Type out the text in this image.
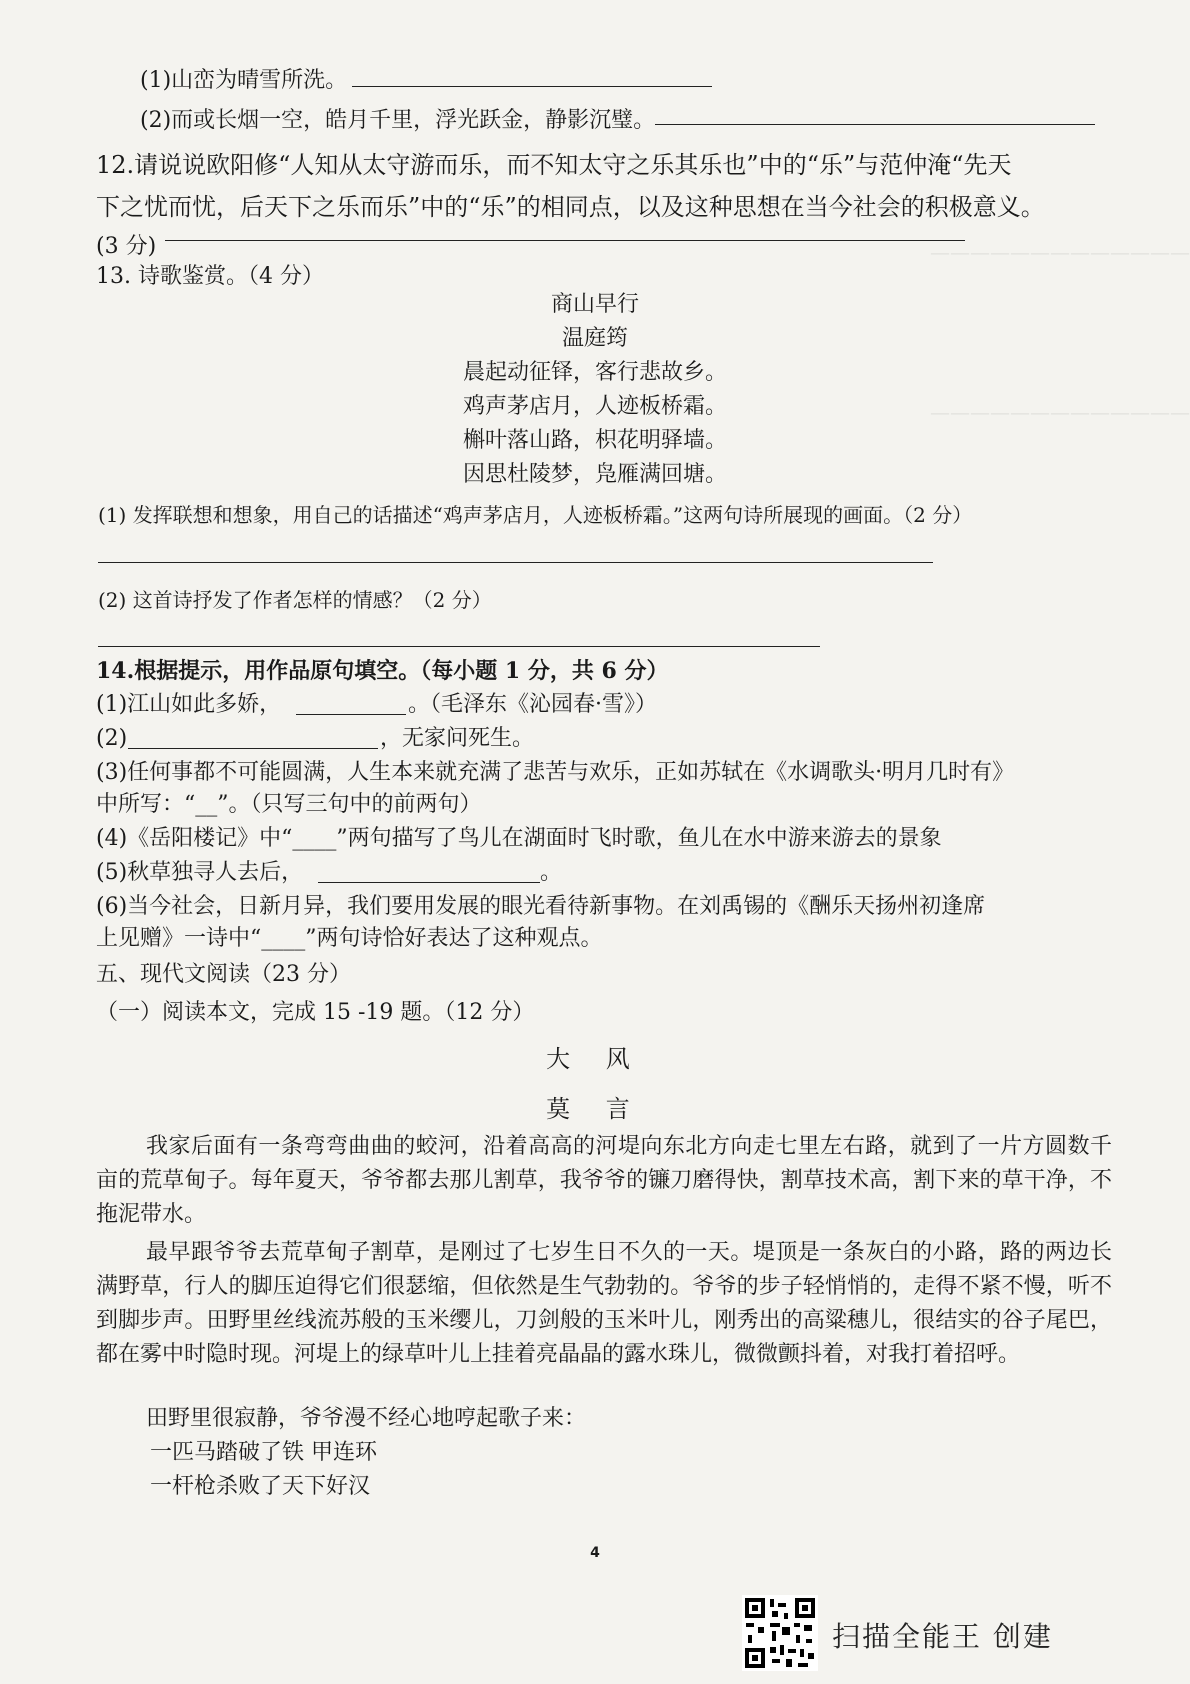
—————————————
—————————————
(1)山峦为晴雪所洗。
(2)而或长烟一空，皓月千里，浮光跃金，静影沉璧。
12.请说说欧阳修“人知从太守游而乐，而不知太守之乐其乐也”中的“乐”与范仲淹“先天
下之忧而忧，后天下之乐而乐”中的“乐”的相同点，以及这种思想在当今社会的积极意义。
(3 分)
13. 诗歌鉴赏。（4 分）
商山早行
温庭筠
晨起动征铎，客行悲故乡。
鸡声茅店月，人迹板桥霜。
槲叶落山路，枳花明驿墙。
因思杜陵梦，凫雁满回塘。
(1) 发挥联想和想象，用自己的话描述“鸡声茅店月，人迹板桥霜。”这两句诗所展现的画面。（2 分）
(2) 这首诗抒发了作者怎样的情感？（2 分）
14.根据提示，用作品原句填空。（每小题 1 分，共 6 分）
(1)江山如此多娇，	。（毛泽东《沁园春·雪》）
(2)	，无家问死生。
(3)任何事都不可能圆满，人生本来就充满了悲苦与欢乐，正如苏轼在《水调歌头·明月几时有》
中所写：“__”。（只写三句中的前两句）
(4)《岳阳楼记》中“____”两句描写了鸟儿在湖面时飞时歌，鱼儿在水中游来游去的景象
(5)秋草独寻人去后，	。
(6)当今社会，日新月异，我们要用发展的眼光看待新事物。在刘禹锡的《酬乐天扬州初逢席
上见赠》一诗中“____”两句诗恰好表达了这种观点。
五、现代文阅读（23 分）
（一）阅读本文，完成 15 -19 题。（12 分）
大 风
莫 言
我家后面有一条弯弯曲曲的蛟河，沿着高高的河堤向东北方向走七里左右路，就到了一片方圆数千亩的荒草甸子。每年夏天，爷爷都去那儿割草，我爷爷的镰刀磨得快，割草技术高，割下来的草干净，不拖泥带水。
最早跟爷爷去荒草甸子割草，是刚过了七岁生日不久的一天。堤顶是一条灰白的小路，路的两边长满野草，行人的脚压迫得它们很瑟缩，但依然是生气勃勃的。爷爷的步子轻悄悄的，走得不紧不慢，听不到脚步声。田野里丝线流苏般的玉米缨儿，刀剑般的玉米叶儿，刚秀出的高粱穗儿，很结实的谷子尾巴，都在雾中时隐时现。河堤上的绿草叶儿上挂着亮晶晶的露水珠儿，微微颤抖着，对我打着招呼。
田野里很寂静，爷爷漫不经心地哼起歌子来：
一匹马踏破了铁 甲连环
一杆枪杀败了天下好汉
4
扫描全能王 创建
